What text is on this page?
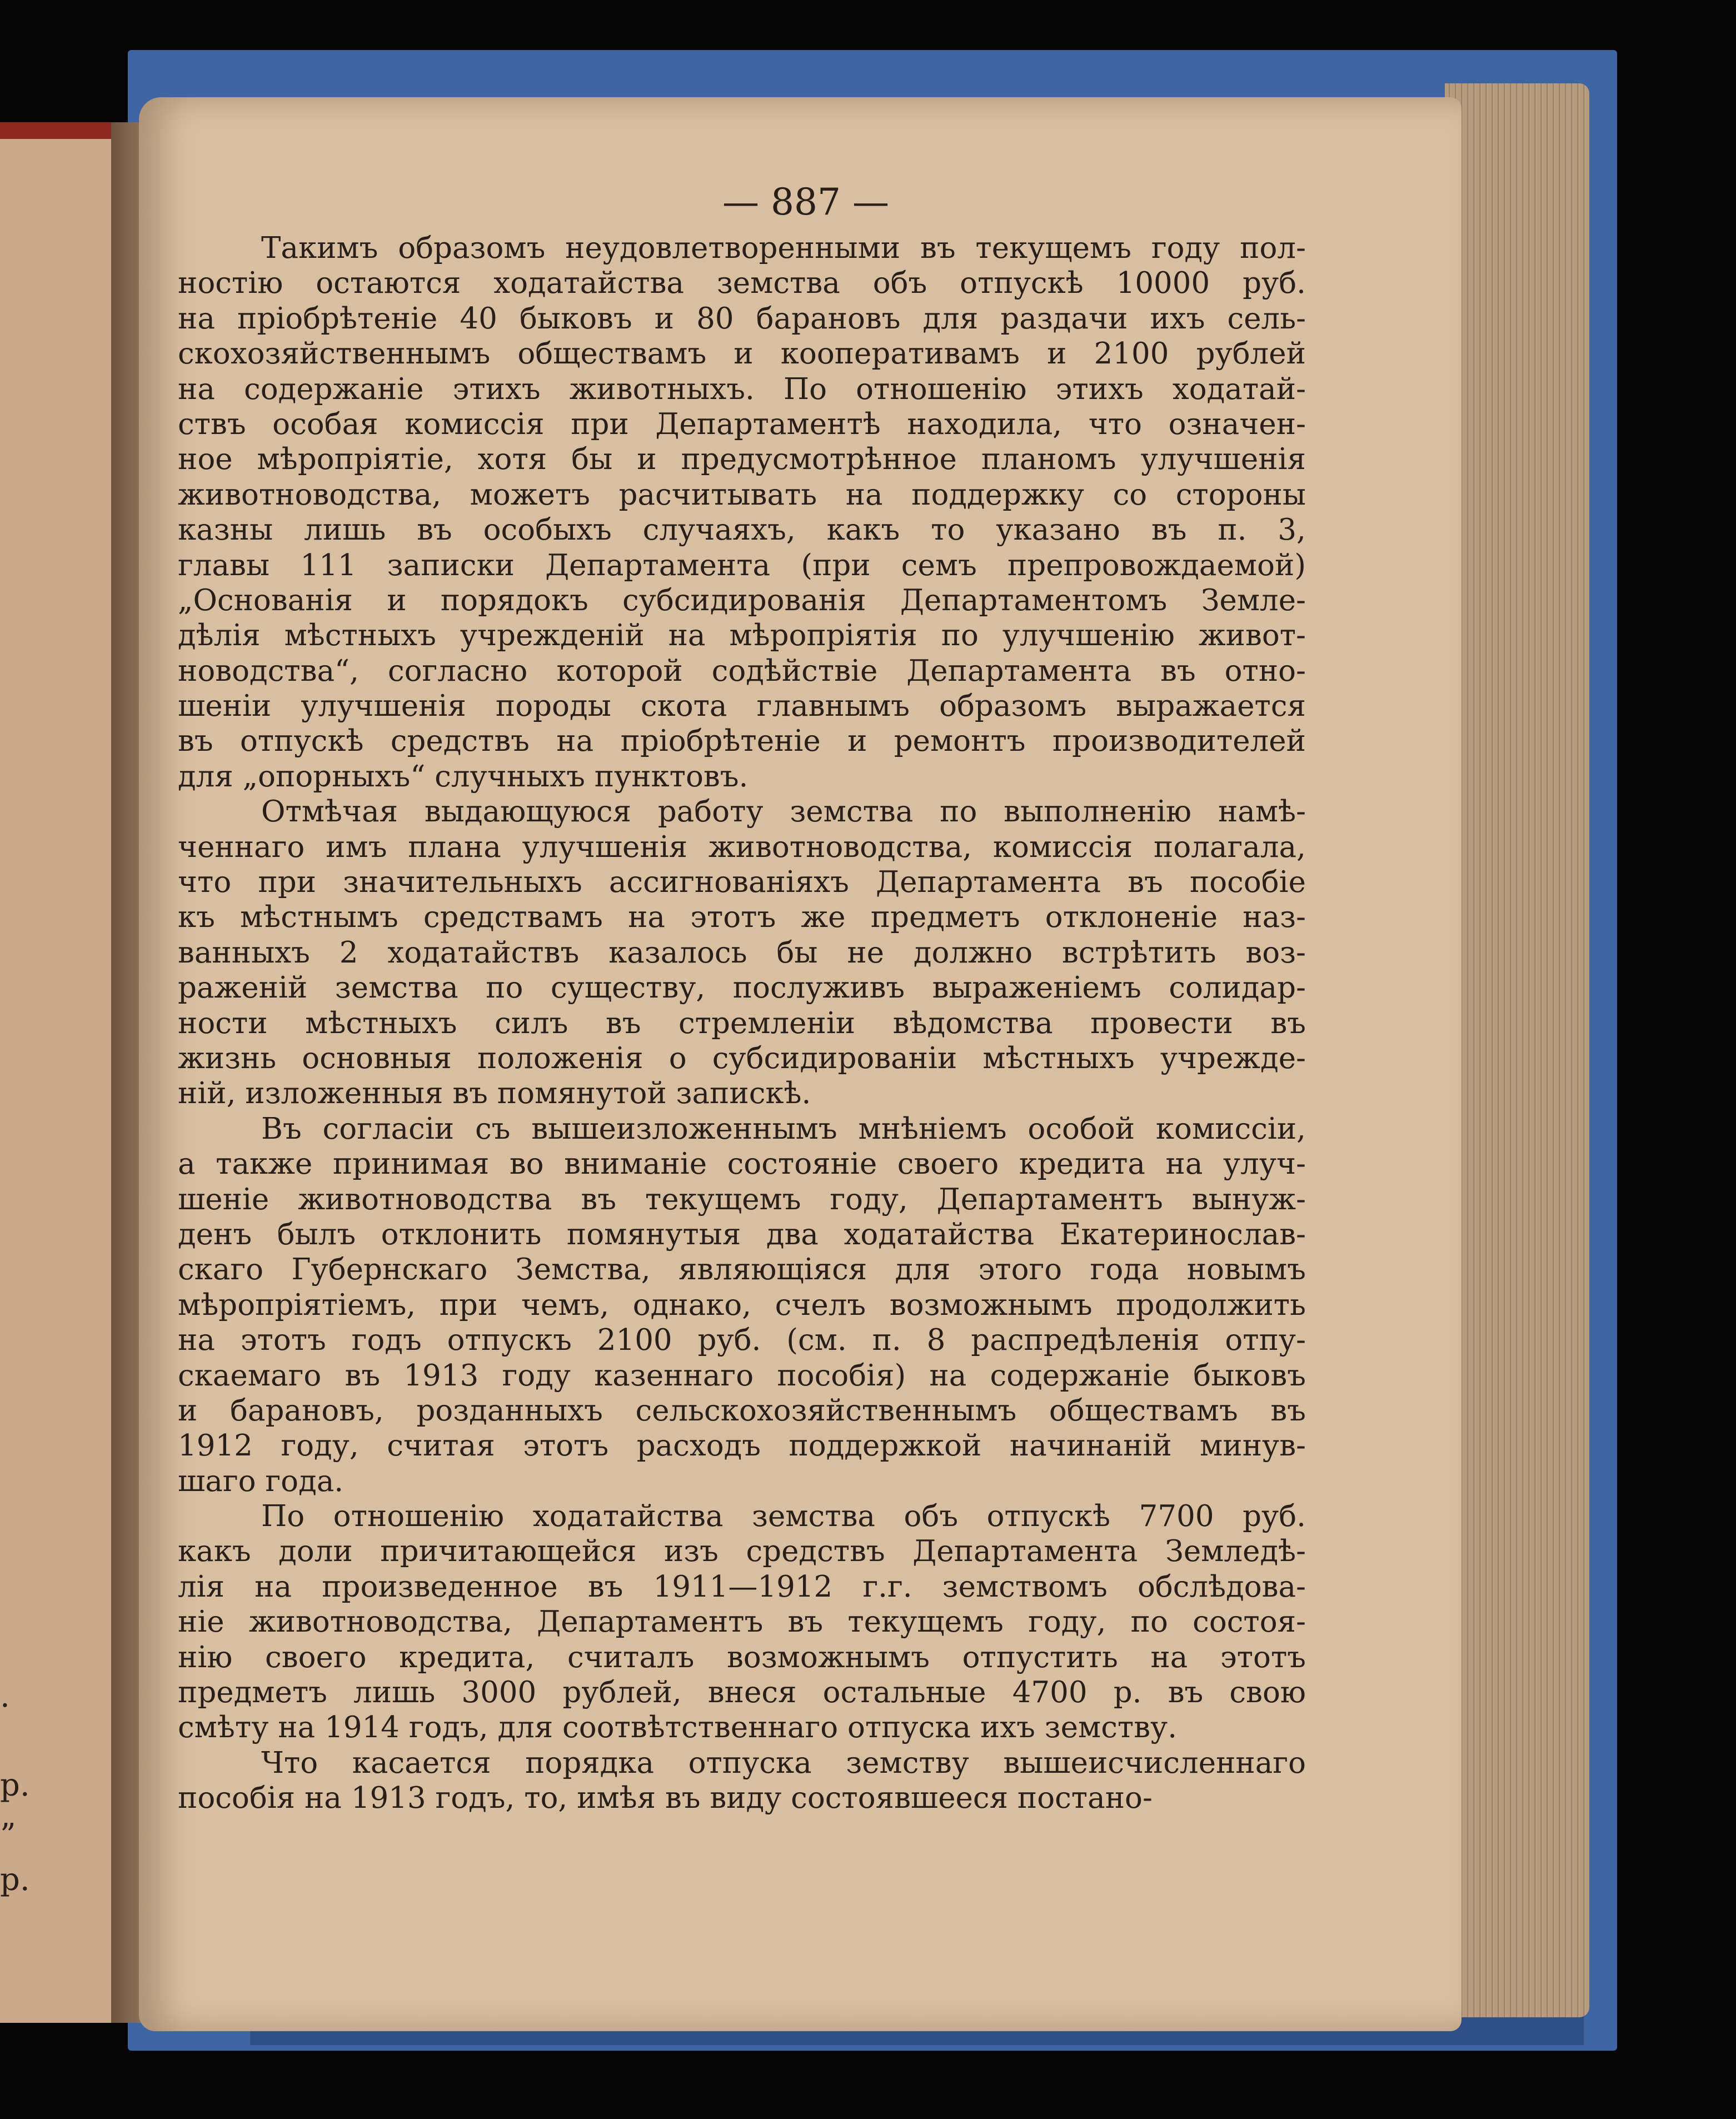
.
р.
”
р.
— 887 —
Такимъ образомъ неудовлетворенными въ текущемъ году пол-
ностію остаются ходатайства земства объ отпускѣ 10000 руб.
на пріобрѣтеніе 40 быковъ и 80 барановъ для раздачи ихъ сель-
скохозяйственнымъ обществамъ и кооперативамъ и 2100 рублей
на содержаніе этихъ животныхъ. По отношенію этихъ ходатай-
ствъ особая комиссія при Департаментѣ находила, что означен-
ное мѣропріятіе, хотя бы и предусмотрѣнное планомъ улучшенія
животноводства, можетъ расчитывать на поддержку со стороны
казны лишь въ особыхъ случаяхъ, какъ то указано въ п. 3,
главы 111 записки Департамента (при семъ препровождаемой)
„Основанія и порядокъ субсидированія Департаментомъ Земле-
дѣлія мѣстныхъ учрежденій на мѣропріятія по улучшенію живот-
новодства“, согласно которой содѣйствіе Департамента въ отно-
шеніи улучшенія породы скота главнымъ образомъ выражается
въ отпускѣ средствъ на пріобрѣтеніе и ремонтъ производителей
для „опорныхъ“ случныхъ пунктовъ.
Отмѣчая выдающуюся работу земства по выполненію намѣ-
ченнаго имъ плана улучшенія животноводства, комиссія полагала,
что при значительныхъ ассигнованіяхъ Департамента въ пособіе
къ мѣстнымъ средствамъ на этотъ же предметъ отклоненіе наз-
ванныхъ 2 ходатайствъ казалось бы не должно встрѣтить воз-
раженій земства по существу, послуживъ выраженіемъ солидар-
ности мѣстныхъ силъ въ стремленіи вѣдомства провести въ
жизнь основныя положенія о субсидированіи мѣстныхъ учрежде-
ній, изложенныя въ помянутой запискѣ.
Въ согласіи съ вышеизложеннымъ мнѣніемъ особой комиссіи,
а также принимая во вниманіе состояніе своего кредита на улуч-
шеніе животноводства въ текущемъ году, Департаментъ вынуж-
денъ былъ отклонить помянутыя два ходатайства Екатеринослав-
скаго Губернскаго Земства, являющіяся для этого года новымъ
мѣропріятіемъ, при чемъ, однако, счелъ возможнымъ продолжить
на этотъ годъ отпускъ 2100 руб. (см. п. 8 распредѣленія отпу-
скаемаго въ 1913 году казеннаго пособія) на содержаніе быковъ
и барановъ, розданныхъ сельскохозяйственнымъ обществамъ въ
1912 году, считая этотъ расходъ поддержкой начинаній минув-
шаго года.
По отношенію ходатайства земства объ отпускѣ 7700 руб.
какъ доли причитающейся изъ средствъ Департамента Земледѣ-
лія на произведенное въ 1911—1912 г.г. земствомъ обслѣдова-
ніе животноводства, Департаментъ въ текущемъ году, по состоя-
нію своего кредита, считалъ возможнымъ отпустить на этотъ
предметъ лишь 3000 рублей, внеся остальные 4700 р. въ свою
смѣту на 1914 годъ, для соотвѣтственнаго отпуска ихъ земству.
Что касается порядка отпуска земству вышеисчисленнаго
пособія на 1913 годъ, то, имѣя въ виду состоявшееся постано-
